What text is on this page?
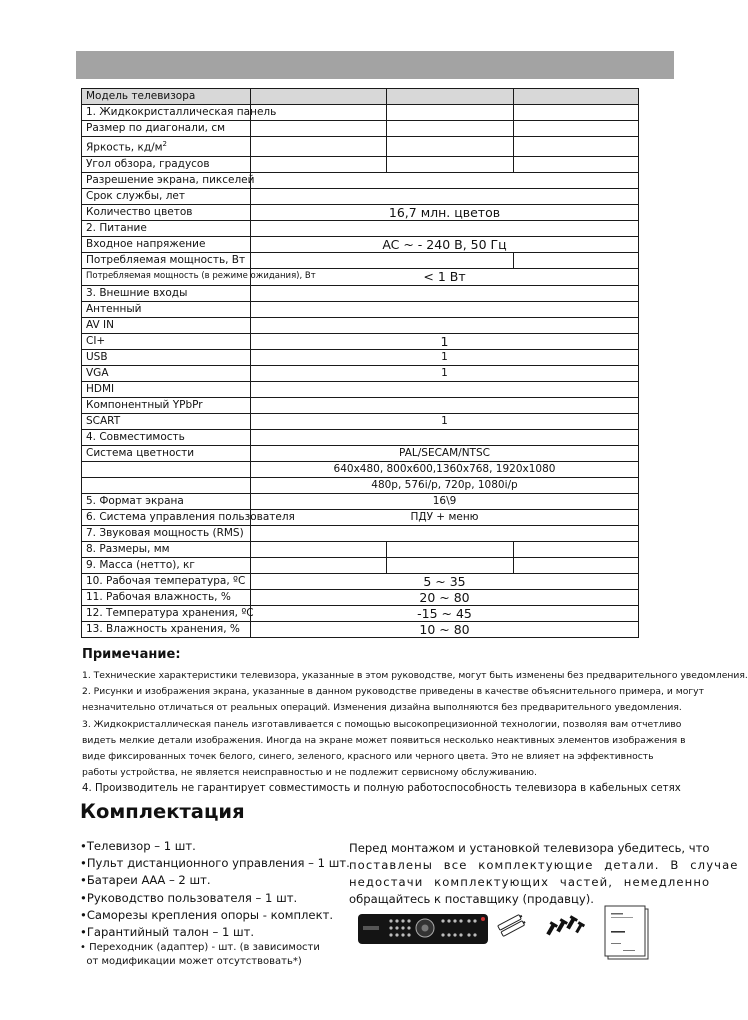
Модель телевизора			
1. Жидкокристаллическая панель			
Размер по диагонали, см			
Яркость, $кд/м^2$			
Угол обзора, градусов			
Разрешение экрана, пикселей			
Срок службы, лет			
Количество цветов	16,7 млн. цветов		
2. Питание			
Входное напряжение	AC ~ - 240 В, 50 Гц		
Потребляемая мощность, Вт			
Потребляемая мощность (в режиме ожидания), Вт	< 1 Вт		
3. Внешние входы			
Антенный			
AV IN			
CI+	1		
USB	1		
VGA	1		
HDMI			
Компонентный YPbPr			
SCART	1		
4. Совместимость			
Система цветности	PAL/SECAM/NTSC		
	640x480, 800x600,1360x768, 1920x1080		
	480p, 576i/p, 720p, 1080i/p		
5. Формат экрана	16\9		
6. Система управления пользователя	ПДУ + меню		
7. Звуковая мощность (RMS)			
8. Размеры, мм			
9. Масса (нетто), кг			
10. Рабочая температура, ºС	5 ~ 35		
11. Рабочая влажность, %	20 ~ 80		
12. Температура хранения, ºС	-15 ~ 45		
13. Влажность хранения, %	10 ~ 80		
Примечание:
1. Технические характеристики телевизора, указанные в этом руководстве, могут быть изменены без предварительного уведомления.
2. Рисунки и изображения экрана, указанные в данном руководстве приведены в качестве объяснительного примера, и могут
незначительно отличаться от реальных операций. Изменения дизайна выполняются без предварительного уведомления.
3. Жидкокристаллическая панель изготавливается с помощью высокопрецизионной технологии, позволяя вам отчетливо
видеть мелкие детали изображения. Иногда на экране может появиться несколько неактивных элементов изображения в
виде фиксированных точек белого, синего, зеленого, красного или черного цвета. Это не влияет на эффективность
работы устройства, не является неисправностью и не подлежит сервисному обслуживанию.
4. Производитель не гарантирует совместимость и полную работоспособность телевизора в кабельных сетях
Комплектация
•Телевизор – 1 шт.
•Пульт дистанционного управления – 1 шт.
•Батареи ААА – 2 шт.
•Руководство пользователя – 1 шт.
•Саморезы крепления опоры - комплект.
•Гарантийный талон – 1 шт.
• Переходник (адаптер) - шт. (в зависимости
от модификации может отсутствовать*)
Перед монтажом и установкой телевизора убедитесь, что
поставлены все комплектующие детали. В случае
недостачи комплектующих частей, немедленно
обращайтесь к поставщику (продавцу).
